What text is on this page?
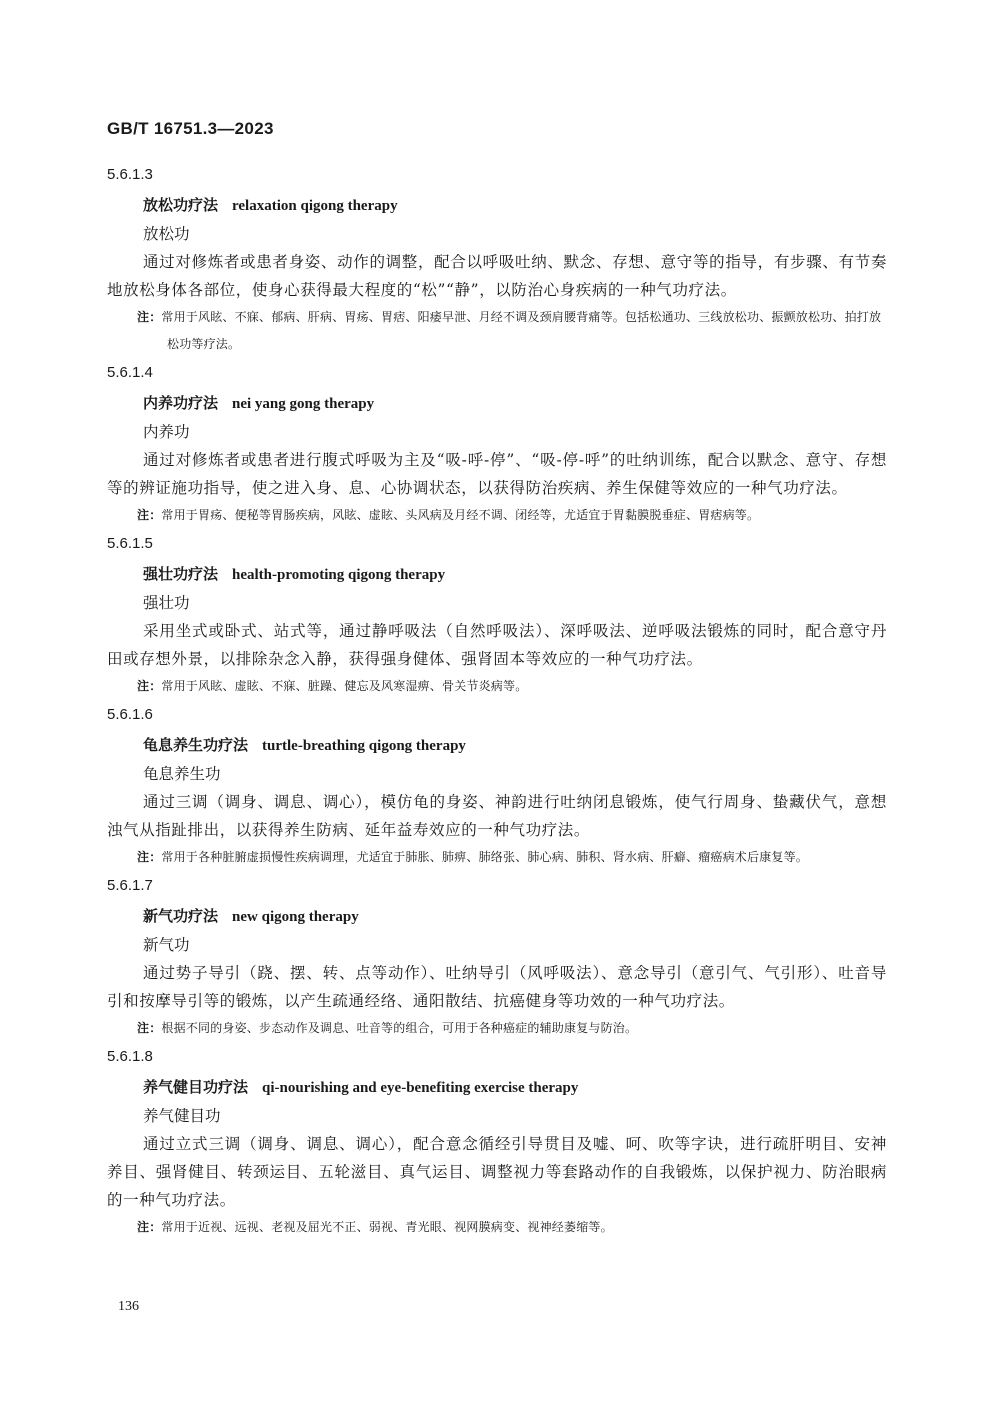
GB/T 16751.3—2023
5.6.1.3
放松功疗法 relaxation qigong therapy
放松功

通过对修炼者或患者身姿、动作的调整，配合以呼吸吐纳、默念、存想、意守等的指导，有步骤、有节奏地放松身体各部位，使身心获得最大程度的“松”“静”，以防治心身疾病的一种气功疗法。

注：常用于风眩、不寐、郁病、肝病、胃疡、胃痞、阳痿早泄、月经不调及颈肩腰背痛等。包括松通功、三线放松功、振颤放松功、拍打放松功等疗法。
5.6.1.4
内养功疗法 nei yang gong therapy
内养功

通过对修炼者或患者进行腹式呼吸为主及“吸-呼-停”、“吸-停-呼”的吐纳训练，配合以默念、意守、存想等的辨证施功指导，使之进入身、息、心协调状态，以获得防治疾病、养生保健等效应的一种气功疗法。

注：常用于胃疡、便秘等胃肠疾病，风眩、虚眩、头风病及月经不调、闭经等，尤适宜于胃黏膜脱垂症、胃痞病等。
5.6.1.5
强壮功疗法 health-promoting qigong therapy
强壮功

采用坐式或卧式、站式等，通过静呼吸法（自然呼吸法）、深呼吸法、逆呼吸法锻炼的同时，配合意守丹田或存想外景，以排除杂念入静，获得强身健体、强肾固本等效应的一种气功疗法。

注：常用于风眩、虚眩、不寐、脏躁、健忘及风寒湿痹、骨关节炎病等。
5.6.1.6
龟息养生功疗法 turtle-breathing qigong therapy
龟息养生功

通过三调（调身、调息、调心），模仿龟的身姿、神韵进行吐纳闭息锻炼，使气行周身、蛰藏伏气，意想浊气从指趾排出，以获得养生防病、延年益寿效应的一种气功疗法。

注：常用于各种脏腑虚损慢性疾病调理，尤适宜于肺胀、肺痹、肺络张、肺心病、肺积、肾水病、肝癖、瘤癌病术后康复等。
5.6.1.7
新气功疗法 new qigong therapy
新气功

通过势子导引（跷、摆、转、点等动作）、吐纳导引（风呼吸法）、意念导引（意引气、气引形）、吐音导引和按摩导引等的锻炼，以产生疏通经络、通阳散结、抗癌健身等功效的一种气功疗法。

注：根据不同的身姿、步态动作及调息、吐音等的组合，可用于各种癌症的辅助康复与防治。
5.6.1.8
养气健目功疗法 qi-nourishing and eye-benefiting exercise therapy
养气健目功

通过立式三调（调身、调息、调心），配合意念循经引导贯目及嘘、呵、吹等字诀，进行疏肝明目、安神养目、强肾健目、转颈运目、五轮滋目、真气运目、调整视力等套路动作的自我锻炼，以保护视力、防治眼病的一种气功疗法。

注：常用于近视、远视、老视及屈光不正、弱视、青光眼、视网膜病变、视神经萎缩等。
136
